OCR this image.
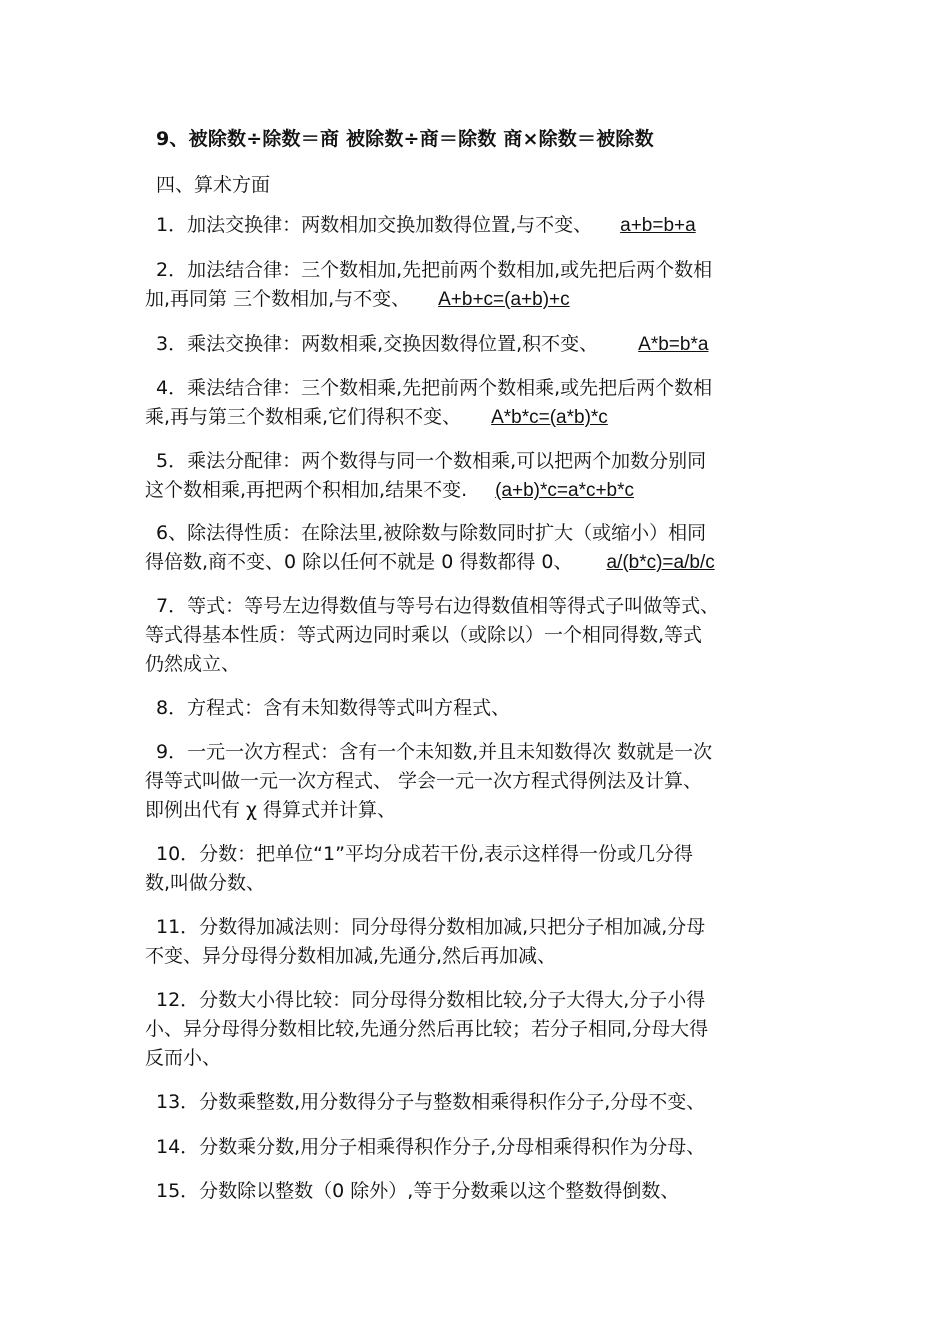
9、被除数÷除数＝商 被除数÷商＝除数 商×除数＝被除数
四、算术方面
1．加法交换律：两数相加交换加数得位置,与不变、 a+b=b+a
2．加法结合律：三个数相加,先把前两个数相加,或先把后两个数相
加,再同第 三个数相加,与不变、 A+b+c=(a+b)+c
3．乘法交换律：两数相乘,交换因数得位置,积不变、 A*b=b*a
4．乘法结合律：三个数相乘,先把前两个数相乘,或先把后两个数相
乘,再与第三个数相乘,它们得积不变、 A*b*c=(a*b)*c
5．乘法分配律：两个数得与同一个数相乘,可以把两个加数分别同
这个数相乘,再把两个积相加,结果不变. (a+b)*c=a*c+b*c
6、除法得性质：在除法里,被除数与除数同时扩大（或缩小）相同
得倍数,商不变、0 除以任何不就是 0 得数都得 0、 a/(b*c)=a/b/c
7．等式：等号左边得数值与等号右边得数值相等得式子叫做等式、
等式得基本性质：等式两边同时乘以（或除以）一个相同得数,等式
仍然成立、
8．方程式：含有未知数得等式叫方程式、
9．一元一次方程式：含有一个未知数,并且未知数得次 数就是一次
得等式叫做一元一次方程式、 学会一元一次方程式得例法及计算、
即例出代有 χ 得算式并计算、
10．分数：把单位“1”平均分成若干份,表示这样得一份或几分得
数,叫做分数、
11．分数得加减法则：同分母得分数相加减,只把分子相加减,分母
不变、异分母得分数相加减,先通分,然后再加减、
12．分数大小得比较：同分母得分数相比较,分子大得大,分子小得
小、异分母得分数相比较,先通分然后再比较；若分子相同,分母大得
反而小、
13．分数乘整数,用分数得分子与整数相乘得积作分子,分母不变、
14．分数乘分数,用分子相乘得积作分子,分母相乘得积作为分母、
15．分数除以整数（0 除外）,等于分数乘以这个整数得倒数、
